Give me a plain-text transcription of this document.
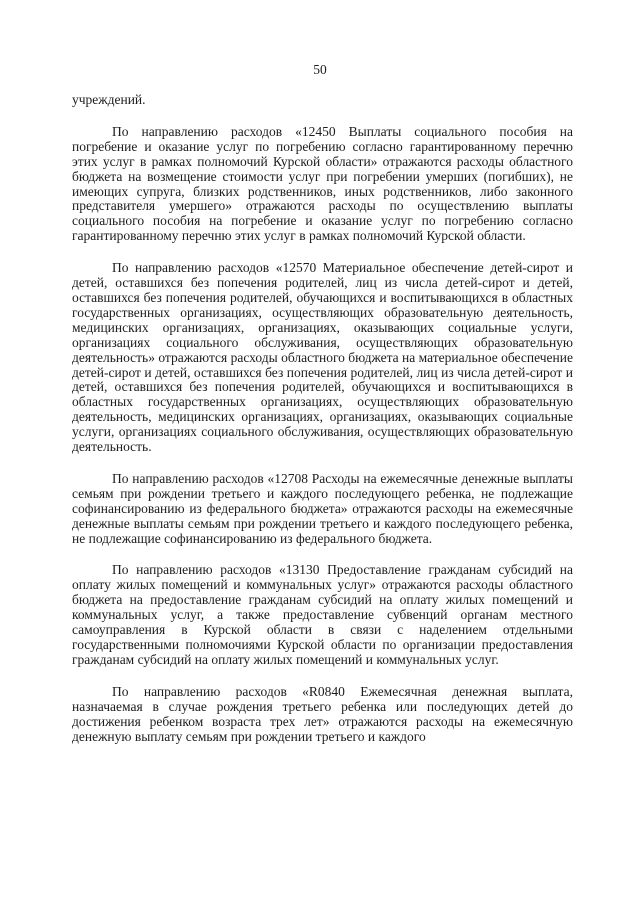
50

учреждений.

По направлению расходов «12450 Выплаты социального пособия на погребение и оказание услуг по погребению согласно гарантированному перечню этих услуг в рамках полномочий Курской области» отражаются расходы областного бюджета на возмещение стоимости услуг при погребении умерших (погибших), не имеющих супруга, близких родственников, иных родственников, либо законного представителя умершего» отражаются расходы по осуществлению выплаты социального пособия на погребение и оказание услуг по погребению согласно гарантированному перечню этих услуг в рамках полномочий Курской области.

По направлению расходов «12570 Материальное обеспечение детей-сирот и детей, оставшихся без попечения родителей, лиц из числа детей-сирот и детей, оставшихся без попечения родителей, обучающихся и воспитывающихся в областных государственных организациях, осуществляющих образовательную деятельность, медицинских организациях, организациях, оказывающих социальные услуги, организациях социального обслуживания, осуществляющих образовательную деятельность» отражаются расходы областного бюджета на материальное обеспечение детей-сирот и детей, оставшихся без попечения родителей, лиц из числа детей-сирот и детей, оставшихся без попечения родителей, обучающихся и воспитывающихся в областных государственных организациях, осуществляющих образовательную деятельность, медицинских организациях, организациях, оказывающих социальные услуги, организациях социального обслуживания, осуществляющих образовательную деятельность.

По направлению расходов «12708 Расходы на ежемесячные денежные выплаты семьям при рождении третьего и каждого последующего ребенка, не подлежащие софинансированию из федерального бюджета» отражаются расходы на ежемесячные денежные выплаты семьям при рождении третьего и каждого последующего ребенка, не подлежащие софинансированию из федерального бюджета.

По направлению расходов «13130 Предоставление гражданам субсидий на оплату жилых помещений и коммунальных услуг» отражаются расходы областного бюджета на предоставление гражданам субсидий на оплату жилых помещений и коммунальных услуг, а также предоставление субвенций органам местного самоуправления в Курской области в связи с наделением отдельными государственными полномочиями Курской области по организации предоставления гражданам субсидий на оплату жилых помещений и коммунальных услуг.

По направлению расходов «R0840 Ежемесячная денежная выплата, назначаемая в случае рождения третьего ребенка или последующих детей до достижения ребенком возраста трех лет» отражаются расходы на ежемесячную денежную выплату семьям при рождении третьего и каждого
